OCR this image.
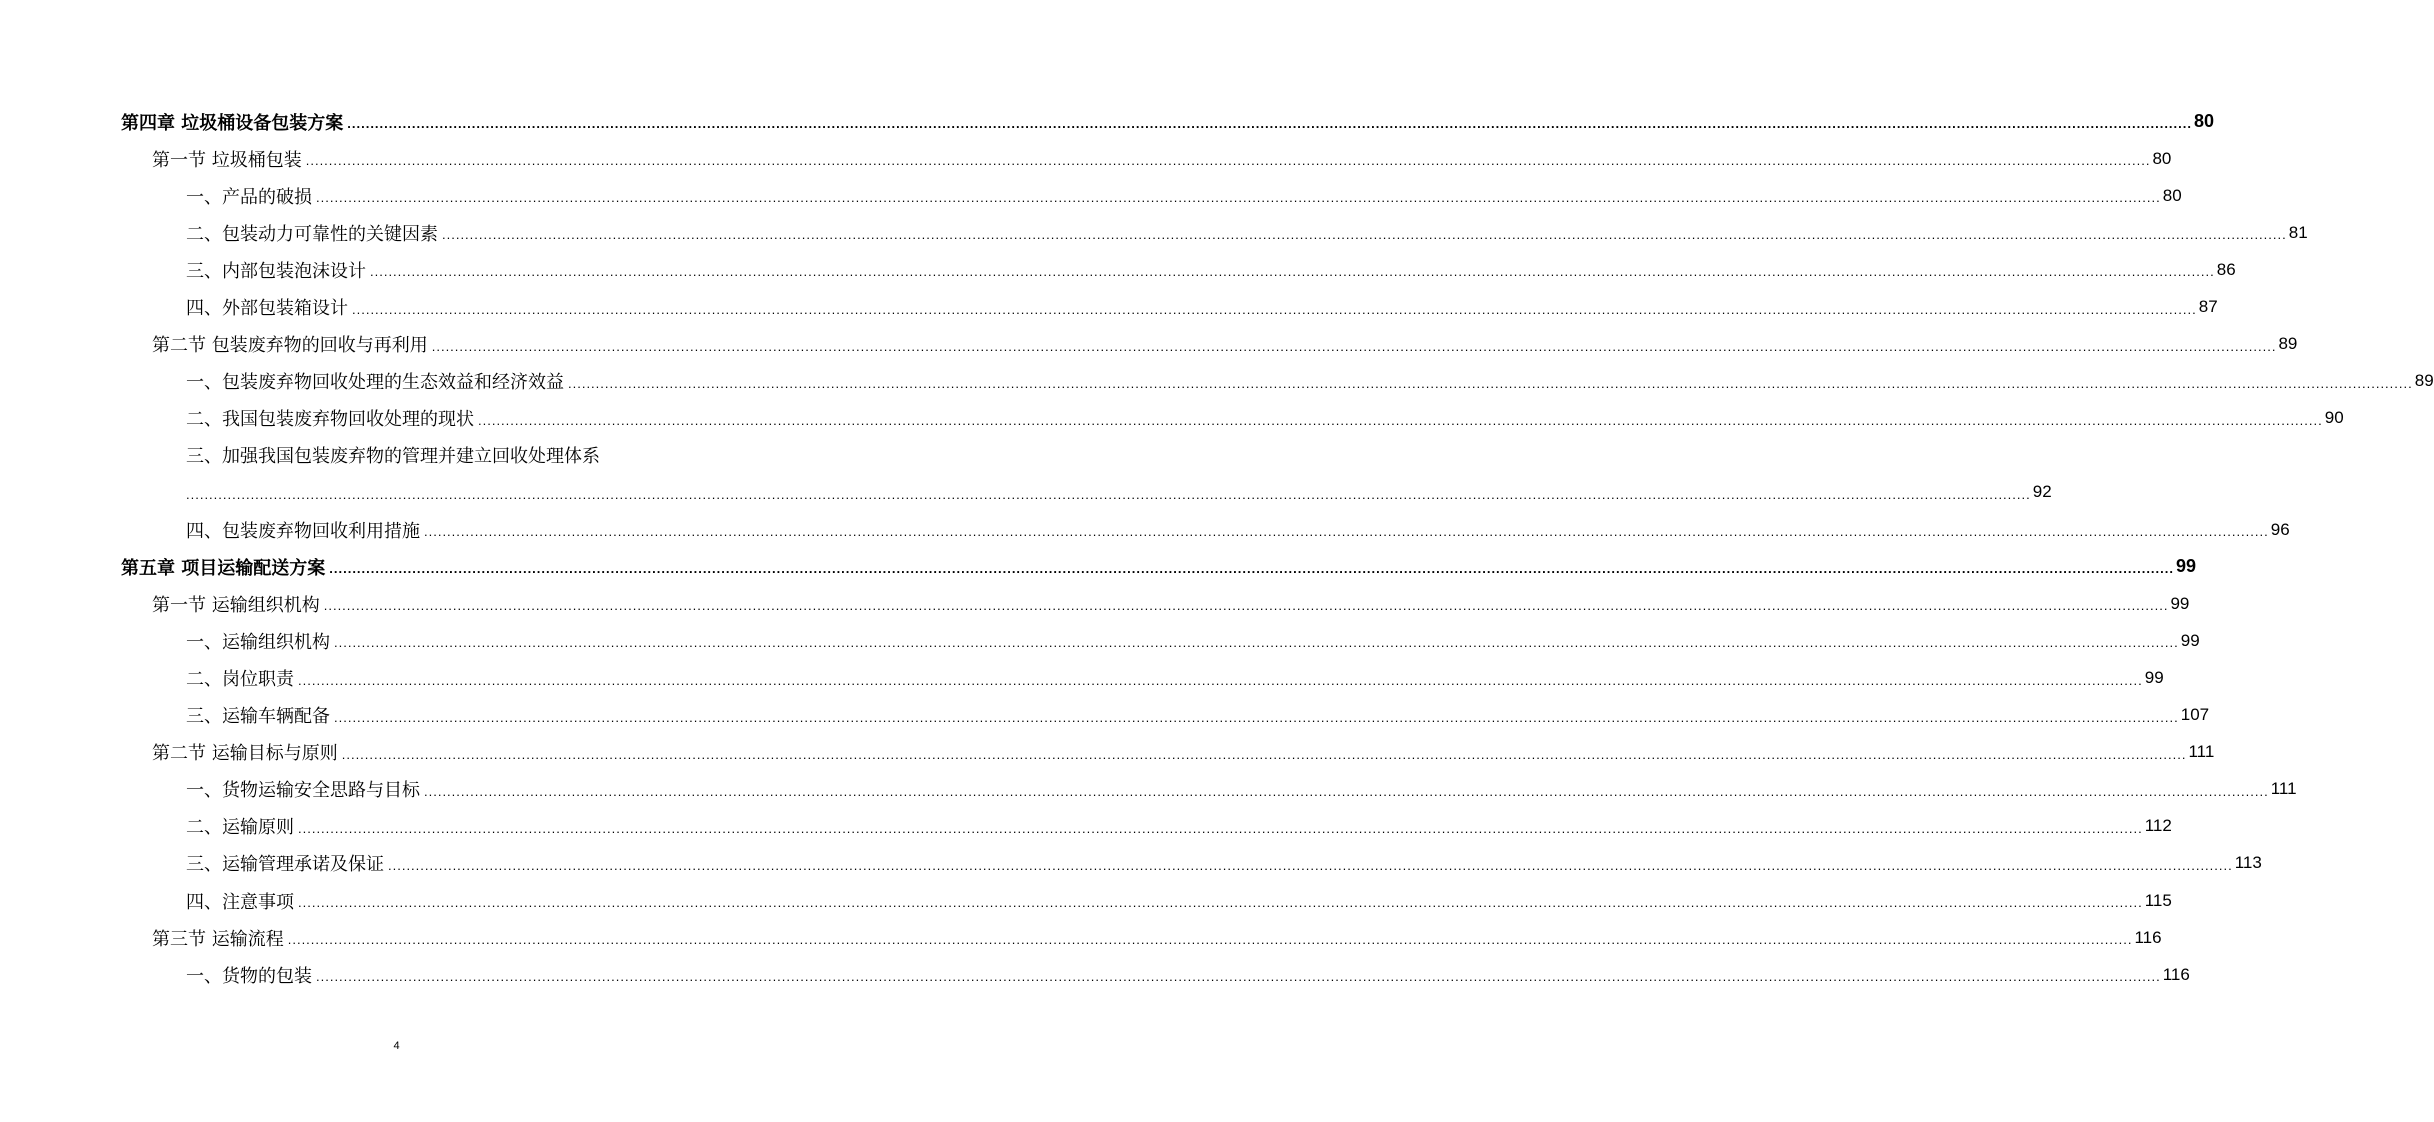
第四章 垃圾桶设备包装方案 ................................................................................................................................................................................................................................................................................................................................................................................................................ 80
第一节 垃圾桶包装 ................................................................................................................................................................................................................................................................................................................................................................................................................ 80
一、产品的破损 ................................................................................................................................................................................................................................................................................................................................................................................................................ 80
二、包装动力可靠性的关键因素 ................................................................................................................................................................................................................................................................................................................................................................................................................ 81
三、内部包装泡沫设计 ................................................................................................................................................................................................................................................................................................................................................................................................................ 86
四、外部包装箱设计 ................................................................................................................................................................................................................................................................................................................................................................................................................ 87
第二节 包装废弃物的回收与再利用 ................................................................................................................................................................................................................................................................................................................................................................................................................ 89
一、包装废弃物回收处理的生态效益和经济效益 ................................................................................................................................................................................................................................................................................................................................................................................................................ 89
二、我国包装废弃物回收处理的现状 ................................................................................................................................................................................................................................................................................................................................................................................................................ 90
三、加强我国包装废弃物的管理并建立回收处理体系
................................................................................................................................................................................................................................................................................................................................................................................................................ 92
四、包装废弃物回收利用措施 ................................................................................................................................................................................................................................................................................................................................................................................................................ 96
第五章 项目运输配送方案 ................................................................................................................................................................................................................................................................................................................................................................................................................ 99
第一节 运输组织机构 ................................................................................................................................................................................................................................................................................................................................................................................................................ 99
一、运输组织机构 ................................................................................................................................................................................................................................................................................................................................................................................................................ 99
二、岗位职责 ................................................................................................................................................................................................................................................................................................................................................................................................................ 99
三、运输车辆配备 ................................................................................................................................................................................................................................................................................................................................................................................................................ 107
第二节 运输目标与原则 ................................................................................................................................................................................................................................................................................................................................................................................................................ 111
一、货物运输安全思路与目标 ................................................................................................................................................................................................................................................................................................................................................................................................................ 111
二、运输原则 ................................................................................................................................................................................................................................................................................................................................................................................................................ 112
三、运输管理承诺及保证 ................................................................................................................................................................................................................................................................................................................................................................................................................ 113
四、注意事项 ................................................................................................................................................................................................................................................................................................................................................................................................................ 115
第三节 运输流程 ................................................................................................................................................................................................................................................................................................................................................................................................................ 116
一、货物的包装 ................................................................................................................................................................................................................................................................................................................................................................................................................ 116
4
